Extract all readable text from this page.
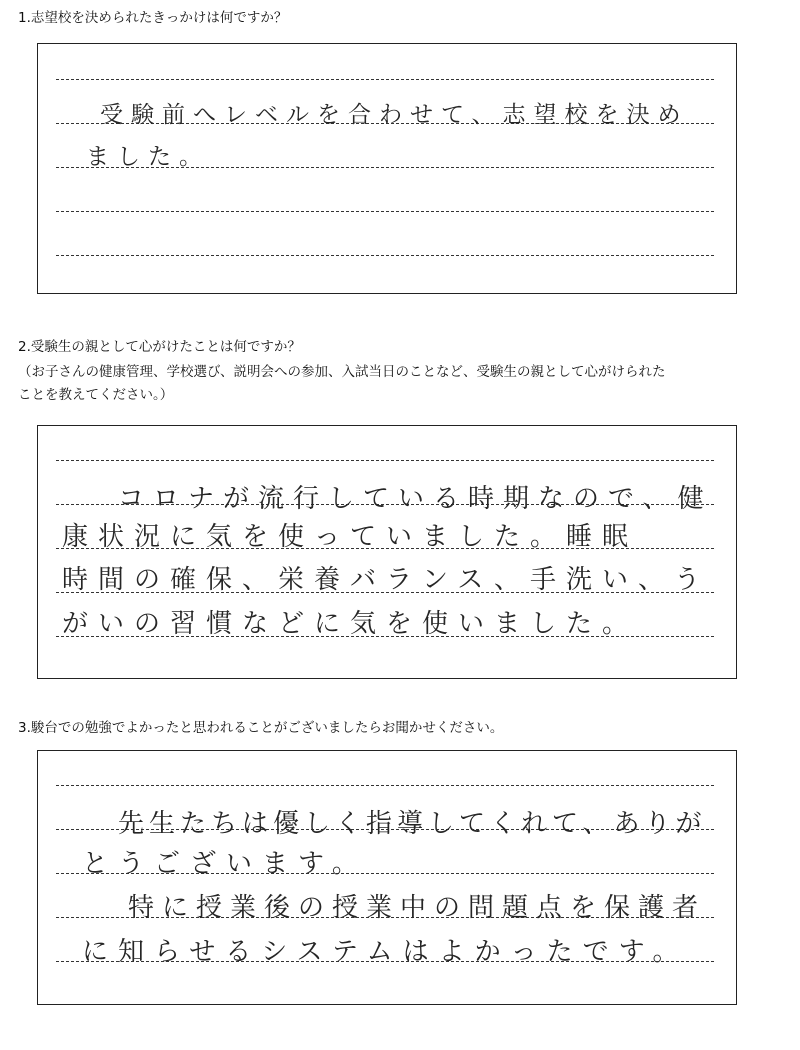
1.志望校を決められたきっかけは何ですか？

受験前へレベルを合わせて、志望校を決め

ました。

2.受験生の親として心がけたことは何ですか？

（お子さんの健康管理、学校選び、説明会への参加、入試当日のことなど、受験生の親として心がけられた

ことを教えてください。）

コロナが流行している時期なので、健

康状況に気を使っていました。睡眠

時間の確保、栄養バランス、手洗い、う

がいの習慣などに気を使いました。

3.駿台での勉強でよかったと思われることがございましたらお聞かせください。

先生たちは優しく指導してくれて、ありが

とうございます。

特に授業後の授業中の問題点を保護者

に知らせるシステムはよかったです。
